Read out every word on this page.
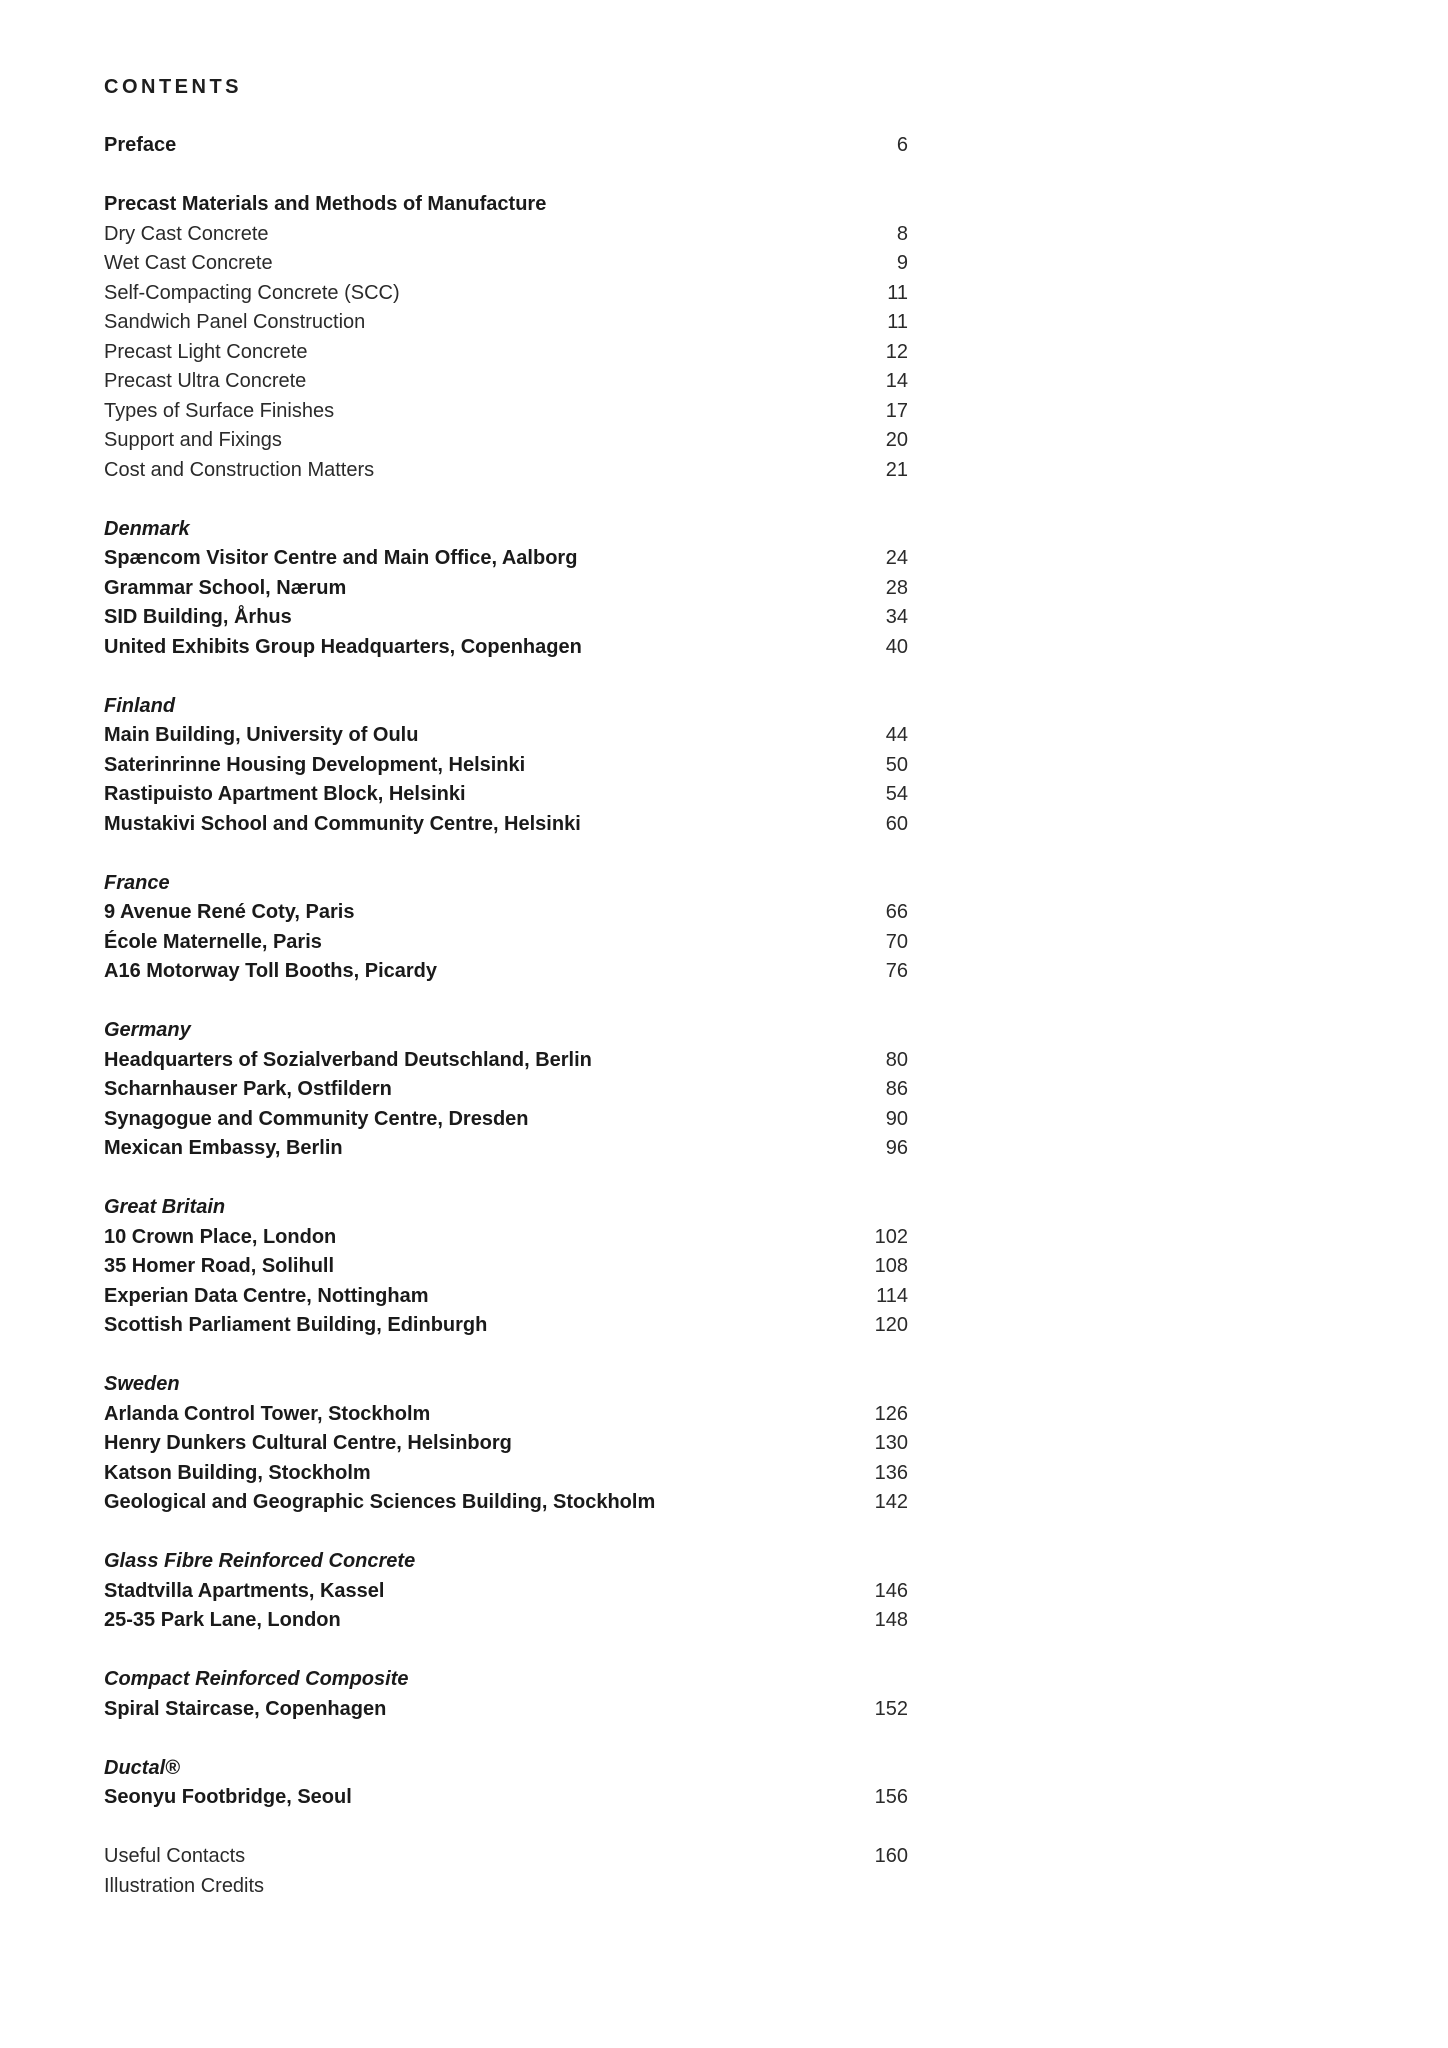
CONTENTS
Preface	6
Precast Materials and Methods of Manufacture
Dry Cast Concrete	8
Wet Cast Concrete	9
Self-Compacting Concrete (SCC)	11
Sandwich Panel Construction	11
Precast Light Concrete	12
Precast Ultra Concrete	14
Types of Surface Finishes	17
Support and Fixings	20
Cost and Construction Matters	21
Denmark
Spæncom Visitor Centre and Main Office, Aalborg	24
Grammar School, Nærum	28
SID Building, Århus	34
United Exhibits Group Headquarters, Copenhagen	40
Finland
Main Building, University of Oulu	44
Saterinrinne Housing Development, Helsinki	50
Rastipuisto Apartment Block, Helsinki	54
Mustakivi School and Community Centre, Helsinki	60
France
9 Avenue René Coty, Paris	66
École Maternelle, Paris	70
A16 Motorway Toll Booths, Picardy	76
Germany
Headquarters of Sozialverband Deutschland, Berlin	80
Scharnhauser Park, Ostfildern	86
Synagogue and Community Centre, Dresden	90
Mexican Embassy, Berlin	96
Great Britain
10 Crown Place, London	102
35 Homer Road, Solihull	108
Experian Data Centre, Nottingham	114
Scottish Parliament Building, Edinburgh	120
Sweden
Arlanda Control Tower, Stockholm	126
Henry Dunkers Cultural Centre, Helsinborg	130
Katson Building, Stockholm	136
Geological and Geographic Sciences Building, Stockholm	142
Glass Fibre Reinforced Concrete
Stadtvilla Apartments, Kassel	146
25-35 Park Lane, London	148
Compact Reinforced Composite
Spiral Staircase, Copenhagen	152
Ductal®
Seonyu Footbridge, Seoul	156
Useful Contacts	160
Illustration Credits
